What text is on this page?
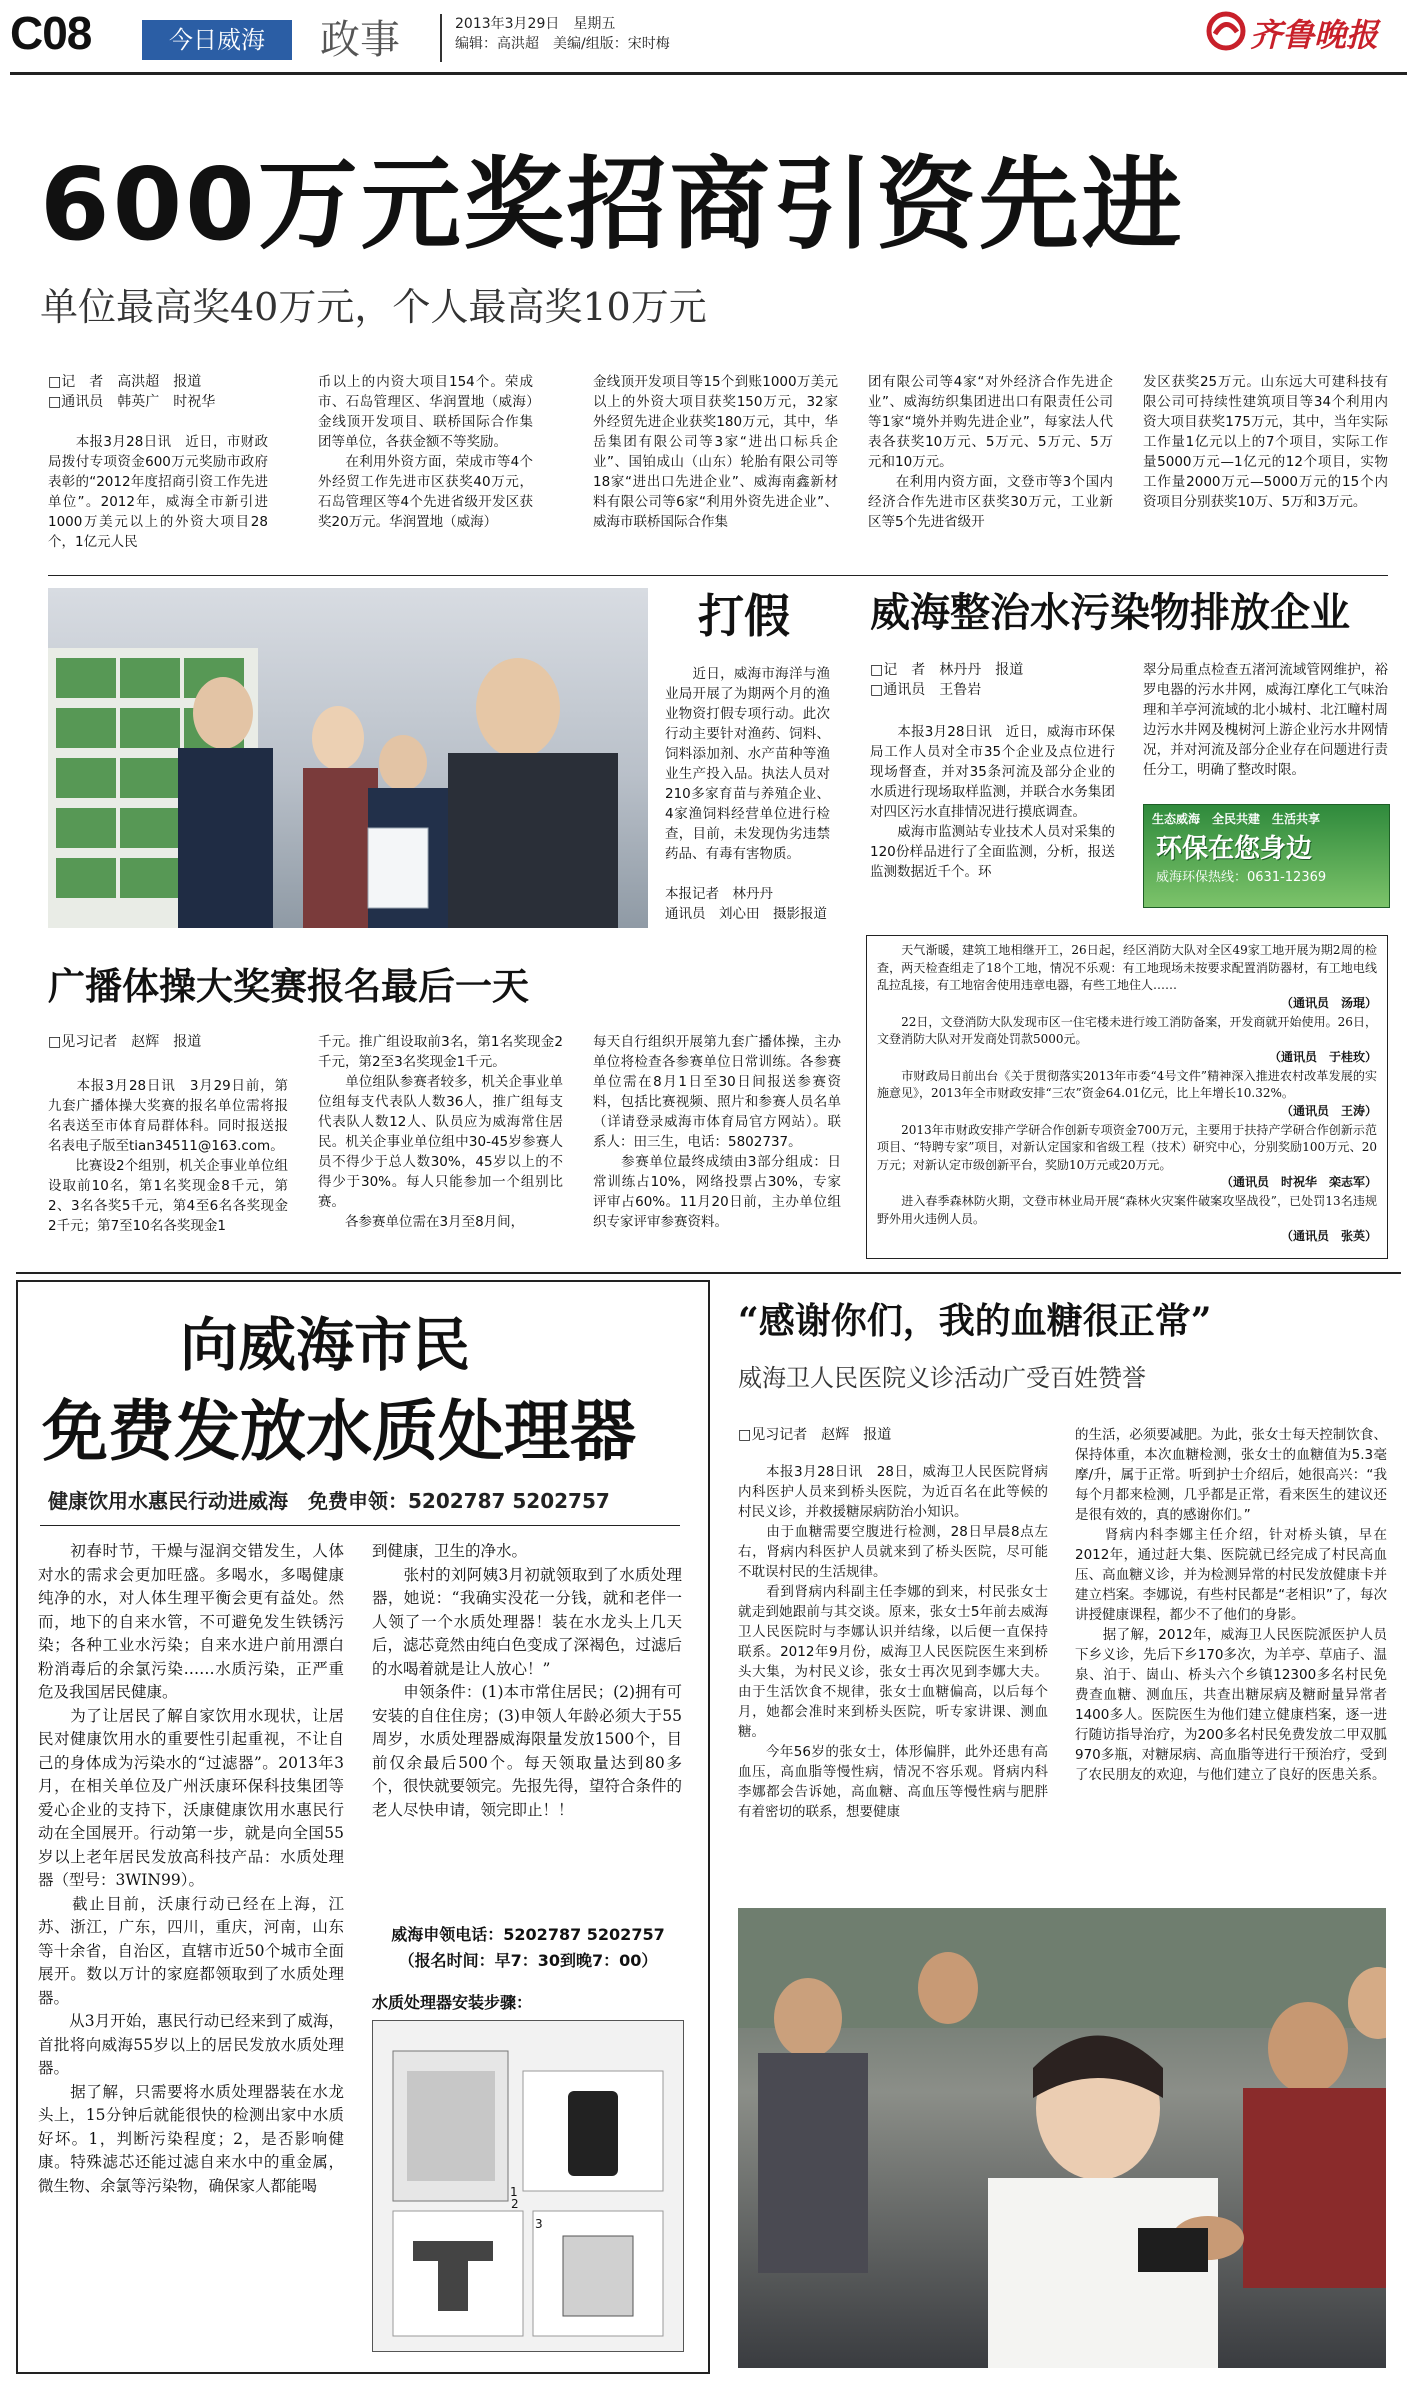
C08	今日威海	政事	2013年3月29日　星期五
编辑：高洪超　美编/组版：宋时梅	齐鲁晚报
600万元奖招商引资先进
单位最高奖40万元，个人最高奖10万元

□记　者　高洪超　报道
□通讯员　韩英广　时祝华

　　本报3月28日讯　近日，市财政局拨付专项资金600万元奖励市政府表彰的“2012年度招商引资工作先进单位”。2012年，威海全市新引进1000万美元以上的外资大项目28个，1亿元人民

币以上的内资大项目154个。荣成市、石岛管理区、华润置地（威海）金线顶开发项目、联桥国际合作集团等单位，各获金额不等奖励。
　　在利用外资方面，荣成市等4个外经贸工作先进市区获奖40万元，石岛管理区等4个先进省级开发区获奖20万元。华润置地（威海）

金线顶开发项目等15个到账1000万美元以上的外资大项目获奖150万元，32家外经贸先进企业获奖180万元，其中，华岳集团有限公司等3家“进出口标兵企业”、国铂成山（山东）轮胎有限公司等18家“进出口先进企业”、威海南鑫新材料有限公司等6家“利用外资先进企业”、威海市联桥国际合作集

团有限公司等4家“对外经济合作先进企业”、威海纺织集团进出口有限责任公司等1家“境外并购先进企业”，每家法人代表各获奖10万元、5万元、5万元、5万元和10万元。
　　在利用内资方面，文登市等3个国内经济合作先进市区获奖30万元，工业新区等5个先进省级开

发区获奖25万元。山东远大可建科技有限公司可持续性建筑项目等34个利用内资大项目获奖175万元，其中，当年实际工作量1亿元以上的7个项目，实际工作量5000万元—1亿元的12个项目，实物工作量2000万元—5000万元的15个内资项目分别获奖10万、5万和3万元。

打假

　　近日，威海市海洋与渔业局开展了为期两个月的渔业物资打假专项行动。此次行动主要针对渔药、饲料、饲料添加剂、水产苗种等渔业生产投入品。执法人员对210多家育苗与养殖企业、4家渔饲料经营单位进行检查，目前，未发现伪劣违禁药品、有毒有害物质。

本报记者　林丹丹
通讯员　刘心田　摄影报道

威海整治水污染物排放企业

□记　者　林丹丹　报道
□通讯员　王鲁岩

　　本报3月28日讯　近日，威海市环保局工作人员对全市35个企业及点位进行现场督查，并对35条河流及部分企业的水质进行现场取样监测，并联合水务集团对四区污水直排情况进行摸底调查。
　　威海市监测站专业技术人员对采集的120份样品进行了全面监测，分析，报送监测数据近千个。环

翠分局重点检查五渚河流域管网维护，裕罗电器的污水井网，威海江摩化工气味治理和羊亭河流域的北小城村、北江疃村周边污水井网及槐树河上游企业污水井网情况，并对河流及部分企业存在问题进行责任分工，明确了整改时限。

生态威海　全民共建　生活共享
环保在您身边
威海环保热线：0631-12369

　　天气渐暖，建筑工地相继开工，26日起，经区消防大队对全区49家工地开展为期2周的检查，两天检查组走了18个工地，情况不乐观：有工地现场未按要求配置消防器材，有工地电线乱拉乱接，有工地宿舍使用违章电器，有些工地住人……

（通讯员　汤琨）

　　22日，文登消防大队发现市区一住宅楼未进行竣工消防备案，开发商就开始使用。26日，文登消防大队对开发商处罚款5000元。

（通讯员　于桂玫）

　　市财政局日前出台《关于贯彻落实2013年市委“4号文件”精神深入推进农村改革发展的实施意见》，2013年全市财政安排“三农”资金64.01亿元，比上年增长10.32%。

（通讯员　王涛）

　　2013年市财政安排产学研合作创新专项资金700万元，主要用于扶持产学研合作创新示范项目、“特聘专家”项目，对新认定国家和省级工程（技术）研究中心，分别奖励100万元、20万元；对新认定市级创新平台，奖励10万元或20万元。

（通讯员　时祝华　栾志军）

　　进入春季森林防火期，文登市林业局开展“森林火灾案件破案攻坚战役”，已处罚13名违规野外用火违例人员。

（通讯员　张英）
广播体操大奖赛报名最后一天

□见习记者　赵辉　报道

　　本报3月28日讯　3月29日前，第九套广播体操大奖赛的报名单位需将报名表送至市体育局群体科。同时报送报名表电子版至tian34511@163.com。
　　比赛设2个组别，机关企事业单位组设取前10名，第1名奖现金8千元，第2、3名各奖5千元，第4至6名各奖现金2千元；第7至10名各奖现金1

千元。推广组设取前3名，第1名奖现金2千元，第2至3名奖现金1千元。
　　单位组队参赛者较多，机关企事业单位组每支代表队人数36人，推广组每支代表队人数12人、队员应为威海常住居民。机关企事业单位组中30-45岁参赛人员不得少于总人数30%，45岁以上的不得少于30%。每人只能参加一个组别比赛。
　　各参赛单位需在3月至8月间，

每天自行组织开展第九套广播体操，主办单位将检查各参赛单位日常训练。各参赛单位需在8月1日至30日间报送参赛资料，包括比赛视频、照片和参赛人员名单（详请登录威海市体育局官方网站）。联系人：田三生，电话：5802737。
　　参赛单位最终成绩由3部分组成：日常训练占10%，网络投票占30%，专家评审占60%。11月20日前，主办单位组织专家评审参赛资料。

向威海市民
免费发放水质处理器
健康饮用水惠民行动进威海　免费申领：5202787 5202757

　　初春时节，干燥与湿润交错发生，人体对水的需求会更加旺盛。多喝水，多喝健康纯净的水，对人体生理平衡会更有益处。然而，地下的自来水管，不可避免发生铁锈污染；各种工业水污染；自来水进户前用漂白粉消毒后的余氯污染……水质污染，正严重危及我国居民健康。
　　为了让居民了解自家饮用水现状，让居民对健康饮用水的重要性引起重视，不让自己的身体成为污染水的“过滤器”。2013年3月，在相关单位及广州沃康环保科技集团等爱心企业的支持下，沃康健康饮用水惠民行动在全国展开。行动第一步，就是向全国55岁以上老年居民发放高科技产品：水质处理器（型号：3WIN99）。
　　截止目前，沃康行动已经在上海，江苏、浙江，广东，四川，重庆，河南，山东等十余省，自治区，直辖市近50个城市全面展开。数以万计的家庭都领取到了水质处理器。
　　从3月开始，惠民行动已经来到了威海，首批将向威海55岁以上的居民发放水质处理器。
　　据了解，只需要将水质处理器装在水龙头上，15分钟后就能很快的检测出家中水质好坏。1，判断污染程度；2，是否影响健康。特殊滤芯还能过滤自来水中的重金属，微生物、余氯等污染物，确保家人都能喝

到健康，卫生的净水。
　　张村的刘阿姨3月初就领取到了水质处理器，她说：“我确实没花一分钱，就和老伴一人领了一个水质处理器！装在水龙头上几天后，滤芯竟然由纯白色变成了深褐色，过滤后的水喝着就是让人放心！”
　　申领条件：(1)本市常住居民；(2)拥有可安装的自住住房；(3)申领人年龄必须大于55周岁，水质处理器威海限量发放1500个，目前仅余最后500个。每天领取量达到80多个，很快就要领完。先报先得，望符合条件的老人尽快申请，领完即止！！

威海申领电话：5202787 5202757
（报名时间：早7：30到晚7：00）
水质处理器安装步骤：
1
2
3
“感谢你们，我的血糖很正常”
威海卫人民医院义诊活动广受百姓赞誉

□见习记者　赵辉　报道

　　本报3月28日讯　28日，威海卫人民医院肾病内科医护人员来到桥头医院，为近百名在此等候的村民义诊，并救援糖尿病防治小知识。
　　由于血糖需要空腹进行检测，28日早晨8点左右，肾病内科医护人员就来到了桥头医院，尽可能不耽误村民的生活规律。
　　看到肾病内科副主任李娜的到来，村民张女士就走到她跟前与其交谈。原来，张女士5年前去威海卫人民医院时与李娜认识并结缘，以后便一直保持联系。2012年9月份，威海卫人民医院医生来到桥头大集，为村民义诊，张女士再次见到李娜大夫。由于生活饮食不规律，张女士血糖偏高，以后每个月，她都会准时来到桥头医院，听专家讲课、测血糖。
　　今年56岁的张女士，体形偏胖，此外还患有高血压，高血脂等慢性病，情况不容乐观。肾病内科李娜都会告诉她，高血糖、高血压等慢性病与肥胖有着密切的联系，想要健康

的生活，必须要减肥。为此，张女士每天控制饮食、保持体重，本次血糖检测，张女士的血糖值为5.3毫摩/升，属于正常。听到护士介绍后，她很高兴：“我每个月都来检测，几乎都是正常，看来医生的建议还是很有效的，真的感谢你们。”
　　肾病内科李娜主任介绍，针对桥头镇，早在2012年，通过赶大集、医院就已经完成了村民高血压、高血糖义诊，并为检测异常的村民发放健康卡并建立档案。李娜说，有些村民都是“老相识”了，每次讲授健康课程，都少不了他们的身影。
　　据了解，2012年，威海卫人民医院派医护人员下乡义诊，先后下乡170多次，为羊亭、草庙子、温泉、泊于、崮山、桥头六个乡镇12300多名村民免费查血糖、测血压，共查出糖尿病及糖耐量异常者1400多人。医院医生为他们建立健康档案，逐一进行随访指导治疗，为200多名村民免费发放二甲双胍970多瓶，对糖尿病、高血脂等进行干预治疗，受到了农民朋友的欢迎，与他们建立了良好的医患关系。
